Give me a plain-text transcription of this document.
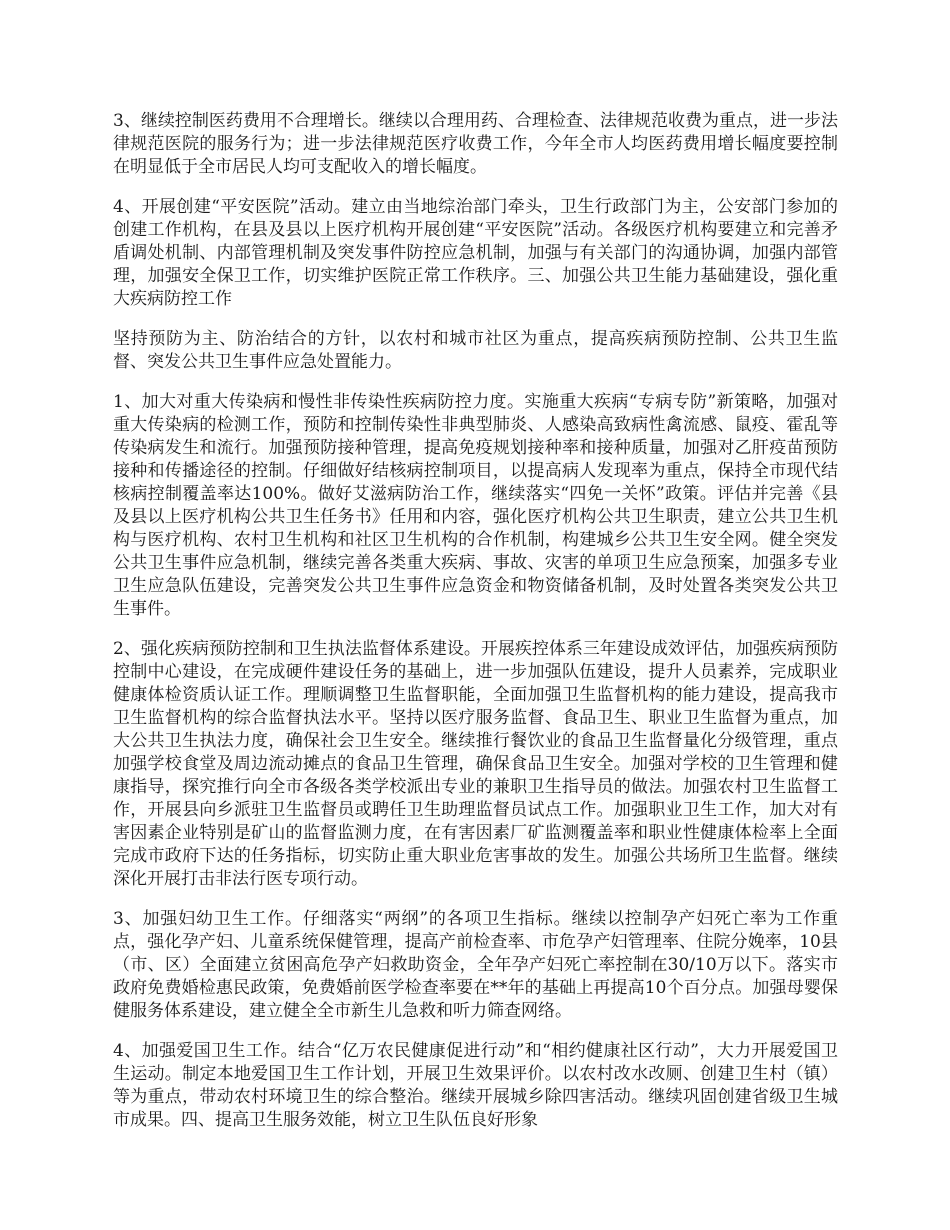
3、继续控制医药费用不合理增长。继续以合理用药、合理检查、法律规范收费为重点，进一步法律规范医院的服务行为；进一步法律规范医疗收费工作，今年全市人均医药费用增长幅度要控制在明显低于全市居民人均可支配收入的增长幅度。

4、开展创建“平安医院”活动。建立由当地综治部门牵头，卫生行政部门为主，公安部门参加的创建工作机构，在县及县以上医疗机构开展创建“平安医院”活动。各级医疗机构要建立和完善矛盾调处机制、内部管理机制及突发事件防控应急机制，加强与有关部门的沟通协调，加强内部管理，加强安全保卫工作，切实维护医院正常工作秩序。三、加强公共卫生能力基础建设，强化重大疾病防控工作

坚持预防为主、防治结合的方针，以农村和城市社区为重点，提高疾病预防控制、公共卫生监督、突发公共卫生事件应急处置能力。

1、加大对重大传染病和慢性非传染性疾病防控力度。实施重大疾病“专病专防”新策略，加强对重大传染病的检测工作，预防和控制传染性非典型肺炎、人感染高致病性禽流感、鼠疫、霍乱等传染病发生和流行。加强预防接种管理，提高免疫规划接种率和接种质量，加强对乙肝疫苗预防接种和传播途径的控制。仔细做好结核病控制项目，以提高病人发现率为重点，保持全市现代结核病控制覆盖率达100%。做好艾滋病防治工作，继续落实“四免一关怀”政策。评估并完善《县及县以上医疗机构公共卫生任务书》任用和内容，强化医疗机构公共卫生职责，建立公共卫生机构与医疗机构、农村卫生机构和社区卫生机构的合作机制，构建城乡公共卫生安全网。健全突发公共卫生事件应急机制，继续完善各类重大疾病、事故、灾害的单项卫生应急预案，加强多专业卫生应急队伍建设，完善突发公共卫生事件应急资金和物资储备机制，及时处置各类突发公共卫生事件。

2、强化疾病预防控制和卫生执法监督体系建设。开展疾控体系三年建设成效评估，加强疾病预防控制中心建设，在完成硬件建设任务的基础上，进一步加强队伍建设，提升人员素养，完成职业健康体检资质认证工作。理顺调整卫生监督职能，全面加强卫生监督机构的能力建设，提高我市卫生监督机构的综合监督执法水平。坚持以医疗服务监督、食品卫生、职业卫生监督为重点，加大公共卫生执法力度，确保社会卫生安全。继续推行餐饮业的食品卫生监督量化分级管理，重点加强学校食堂及周边流动摊点的食品卫生管理，确保食品卫生安全。加强对学校的卫生管理和健康指导，探究推行向全市各级各类学校派出专业的兼职卫生指导员的做法。加强农村卫生监督工作，开展县向乡派驻卫生监督员或聘任卫生助理监督员试点工作。加强职业卫生工作，加大对有害因素企业特别是矿山的监督监测力度，在有害因素厂矿监测覆盖率和职业性健康体检率上全面完成市政府下达的任务指标，切实防止重大职业危害事故的发生。加强公共场所卫生监督。继续深化开展打击非法行医专项行动。

3、加强妇幼卫生工作。仔细落实“两纲”的各项卫生指标。继续以控制孕产妇死亡率为工作重点，强化孕产妇、儿童系统保健管理，提高产前检查率、市危孕产妇管理率、住院分娩率，10县（市、区）全面建立贫困高危孕产妇救助资金，全年孕产妇死亡率控制在30/10万以下。落实市政府免费婚检惠民政策，免费婚前医学检查率要在**年的基础上再提高10个百分点。加强母婴保健服务体系建设，建立健全全市新生儿急救和听力筛查网络。

4、加强爱国卫生工作。结合“亿万农民健康促进行动”和“相约健康社区行动”，大力开展爱国卫生运动。制定本地爱国卫生工作计划，开展卫生效果评价。以农村改水改厕、创建卫生村（镇）等为重点，带动农村环境卫生的综合整治。继续开展城乡除四害活动。继续巩固创建省级卫生城市成果。四、提高卫生服务效能，树立卫生队伍良好形象
